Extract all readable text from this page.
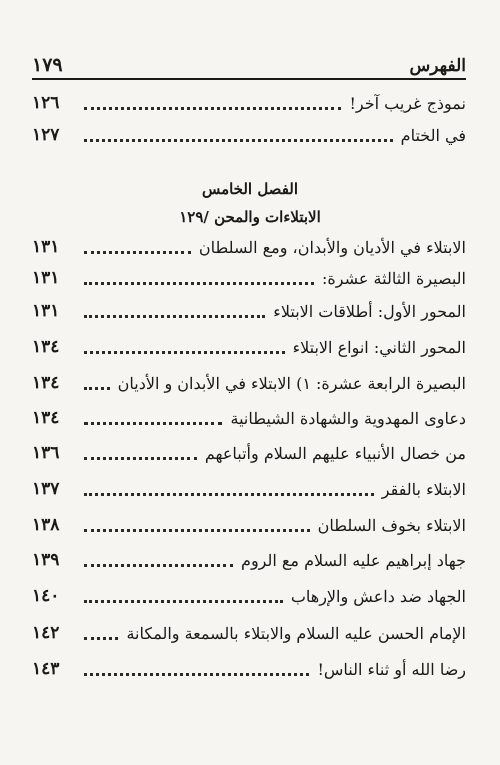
الفهرس
١٧٩
نموذج غريب آخر!
١٢٦
في الختام
١٢٧
الفصل الخامس
الابتلاءات والمحن /١٢٩
الابتلاء في الأديان والأبدان، ومع السلطان
١٣١
البصيرة الثالثة عشرة:
١٣١
المحور الأول: أطلاقات الابتلاء
١٣١
المحور الثاني: انواع الابتلاء
١٣٤
البصيرة الرابعة عشرة: ١) الابتلاء في الأبدان و الأديان
١٣٤
دعاوى المهدوية والشهادة الشيطانية
١٣٤
من خصال الأنبياء عليهم السلام وأتباعهم
١٣٦
الابتلاء بالفقر
١٣٧
الابتلاء بخوف السلطان
١٣٨
جهاد إبراهيم عليه السلام مع الروم
١٣٩
الجهاد ضد داعش والإرهاب
١٤٠
الإمام الحسن عليه السلام والابتلاء بالسمعة والمكانة
١٤٢
رضا الله أو ثناء الناس!
١٤٣
